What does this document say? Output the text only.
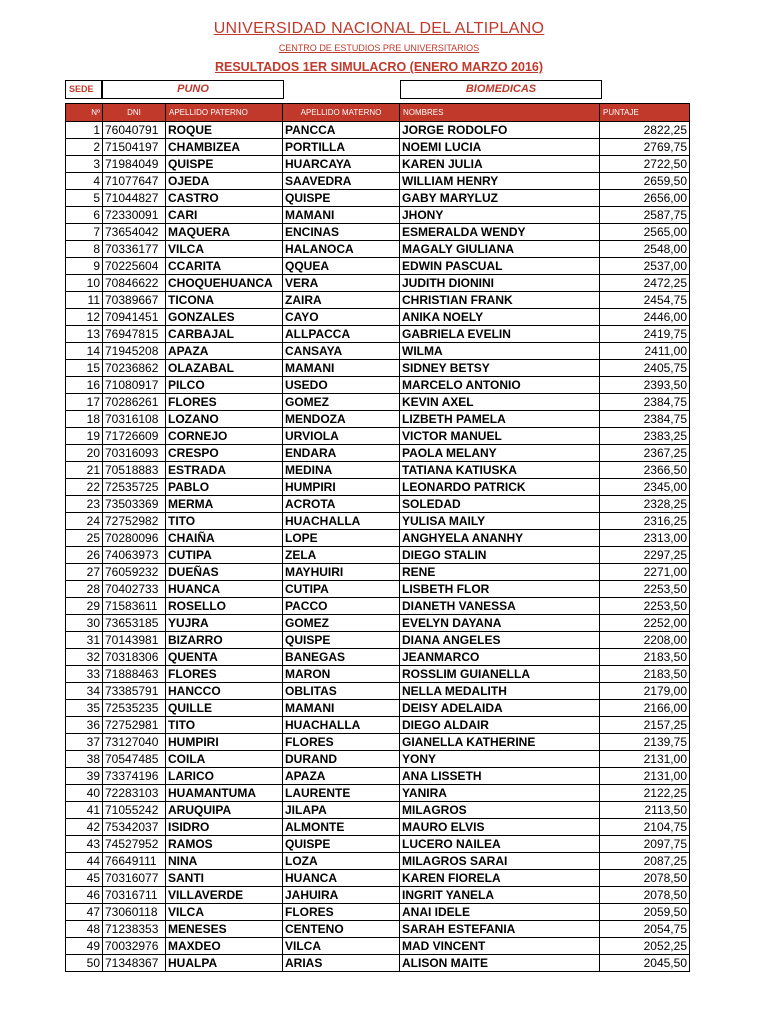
UNIVERSIDAD NACIONAL DEL ALTIPLANO
CENTRO DE ESTUDIOS PRE UNIVERSITARIOS
RESULTADOS 1ER SIMULACRO (ENERO MARZO 2016)
SEDE	PUNO	BIOMEDICAS
Nº	DNI	APELLIDO PATERNO	APELLIDO MATERNO	NOMBRES	PUNTAJE
1	76040791	ROQUE	PANCCA	JORGE RODOLFO	2822,25
2	71504197	CHAMBIZEA	PORTILLA	NOEMI LUCIA	2769,75
3	71984049	QUISPE	HUARCAYA	KAREN JULIA	2722,50
4	71077647	OJEDA	SAAVEDRA	WILLIAM HENRY	2659,50
5	71044827	CASTRO	QUISPE	GABY MARYLUZ	2656,00
6	72330091	CARI	MAMANI	JHONY	2587,75
7	73654042	MAQUERA	ENCINAS	ESMERALDA WENDY	2565,00
8	70336177	VILCA	HALANOCA	MAGALY GIULIANA	2548,00
9	70225604	CCARITA	QQUEA	EDWIN PASCUAL	2537,00
10	70846622	CHOQUEHUANCA	VERA	JUDITH DIONINI	2472,25
11	70389667	TICONA	ZAIRA	CHRISTIAN FRANK	2454,75
12	70941451	GONZALES	CAYO	ANIKA NOELY	2446,00
13	76947815	CARBAJAL	ALLPACCA	GABRIELA EVELIN	2419,75
14	71945208	APAZA	CANSAYA	WILMA	2411,00
15	70236862	OLAZABAL	MAMANI	SIDNEY BETSY	2405,75
16	71080917	PILCO	USEDO	MARCELO ANTONIO	2393,50
17	70286261	FLORES	GOMEZ	KEVIN AXEL	2384,75
18	70316108	LOZANO	MENDOZA	LIZBETH PAMELA	2384,75
19	71726609	CORNEJO	URVIOLA	VICTOR MANUEL	2383,25
20	70316093	CRESPO	ENDARA	PAOLA MELANY	2367,25
21	70518883	ESTRADA	MEDINA	TATIANA KATIUSKA	2366,50
22	72535725	PABLO	HUMPIRI	LEONARDO PATRICK	2345,00
23	73503369	MERMA	ACROTA	SOLEDAD	2328,25
24	72752982	TITO	HUACHALLA	YULISA MAILY	2316,25
25	70280096	CHAIÑA	LOPE	ANGHYELA ANANHY	2313,00
26	74063973	CUTIPA	ZELA	DIEGO STALIN	2297,25
27	76059232	DUEÑAS	MAYHUIRI	RENE	2271,00
28	70402733	HUANCA	CUTIPA	LISBETH FLOR	2253,50
29	71583611	ROSELLO	PACCO	DIANETH VANESSA	2253,50
30	73653185	YUJRA	GOMEZ	EVELYN DAYANA	2252,00
31	70143981	BIZARRO	QUISPE	DIANA ANGELES	2208,00
32	70318306	QUENTA	BANEGAS	JEANMARCO	2183,50
33	71888463	FLORES	MARON	ROSSLIM GUIANELLA	2183,50
34	73385791	HANCCO	OBLITAS	NELLA MEDALITH	2179,00
35	72535235	QUILLE	MAMANI	DEISY ADELAIDA	2166,00
36	72752981	TITO	HUACHALLA	DIEGO ALDAIR	2157,25
37	73127040	HUMPIRI	FLORES	GIANELLA KATHERINE	2139,75
38	70547485	COILA	DURAND	YONY	2131,00
39	73374196	LARICO	APAZA	ANA LISSETH	2131,00
40	72283103	HUAMANTUMA	LAURENTE	YANIRA	2122,25
41	71055242	ARUQUIPA	JILAPA	MILAGROS	2113,50
42	75342037	ISIDRO	ALMONTE	MAURO ELVIS	2104,75
43	74527952	RAMOS	QUISPE	LUCERO NAILEA	2097,75
44	76649111	NINA	LOZA	MILAGROS SARAI	2087,25
45	70316077	SANTI	HUANCA	KAREN FIORELA	2078,50
46	70316711	VILLAVERDE	JAHUIRA	INGRIT YANELA	2078,50
47	73060118	VILCA	FLORES	ANAI IDELE	2059,50
48	71238353	MENESES	CENTENO	SARAH ESTEFANIA	2054,75
49	70032976	MAXDEO	VILCA	MAD VINCENT	2052,25
50	71348367	HUALPA	ARIAS	ALISON MAITE	2045,50
